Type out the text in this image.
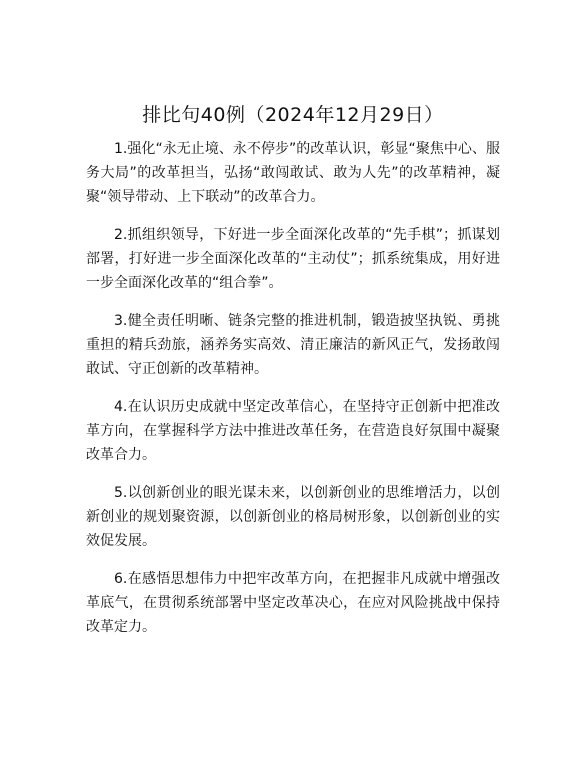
排比句40例（2024年12月29日）

1.强化“永无止境、永不停步”的改革认识，彰显“聚焦中心、服务大局”的改革担当，弘扬“敢闯敢试、敢为人先”的改革精神，凝聚“领导带动、上下联动”的改革合力。

2.抓组织领导，下好进一步全面深化改革的“先手棋”；抓谋划部署，打好进一步全面深化改革的“主动仗”；抓系统集成，用好进一步全面深化改革的“组合拳”。

3.健全责任明晰、链条完整的推进机制，锻造披坚执锐、勇挑重担的精兵劲旅，涵养务实高效、清正廉洁的新风正气，发扬敢闯敢试、守正创新的改革精神。

4.在认识历史成就中坚定改革信心，在坚持守正创新中把准改革方向，在掌握科学方法中推进改革任务，在营造良好氛围中凝聚改革合力。

5.以创新创业的眼光谋未来，以创新创业的思维增活力，以创新创业的规划聚资源，以创新创业的格局树形象，以创新创业的实效促发展。

6.在感悟思想伟力中把牢改革方向，在把握非凡成就中增强改革底气，在贯彻系统部署中坚定改革决心，在应对风险挑战中保持改革定力。
